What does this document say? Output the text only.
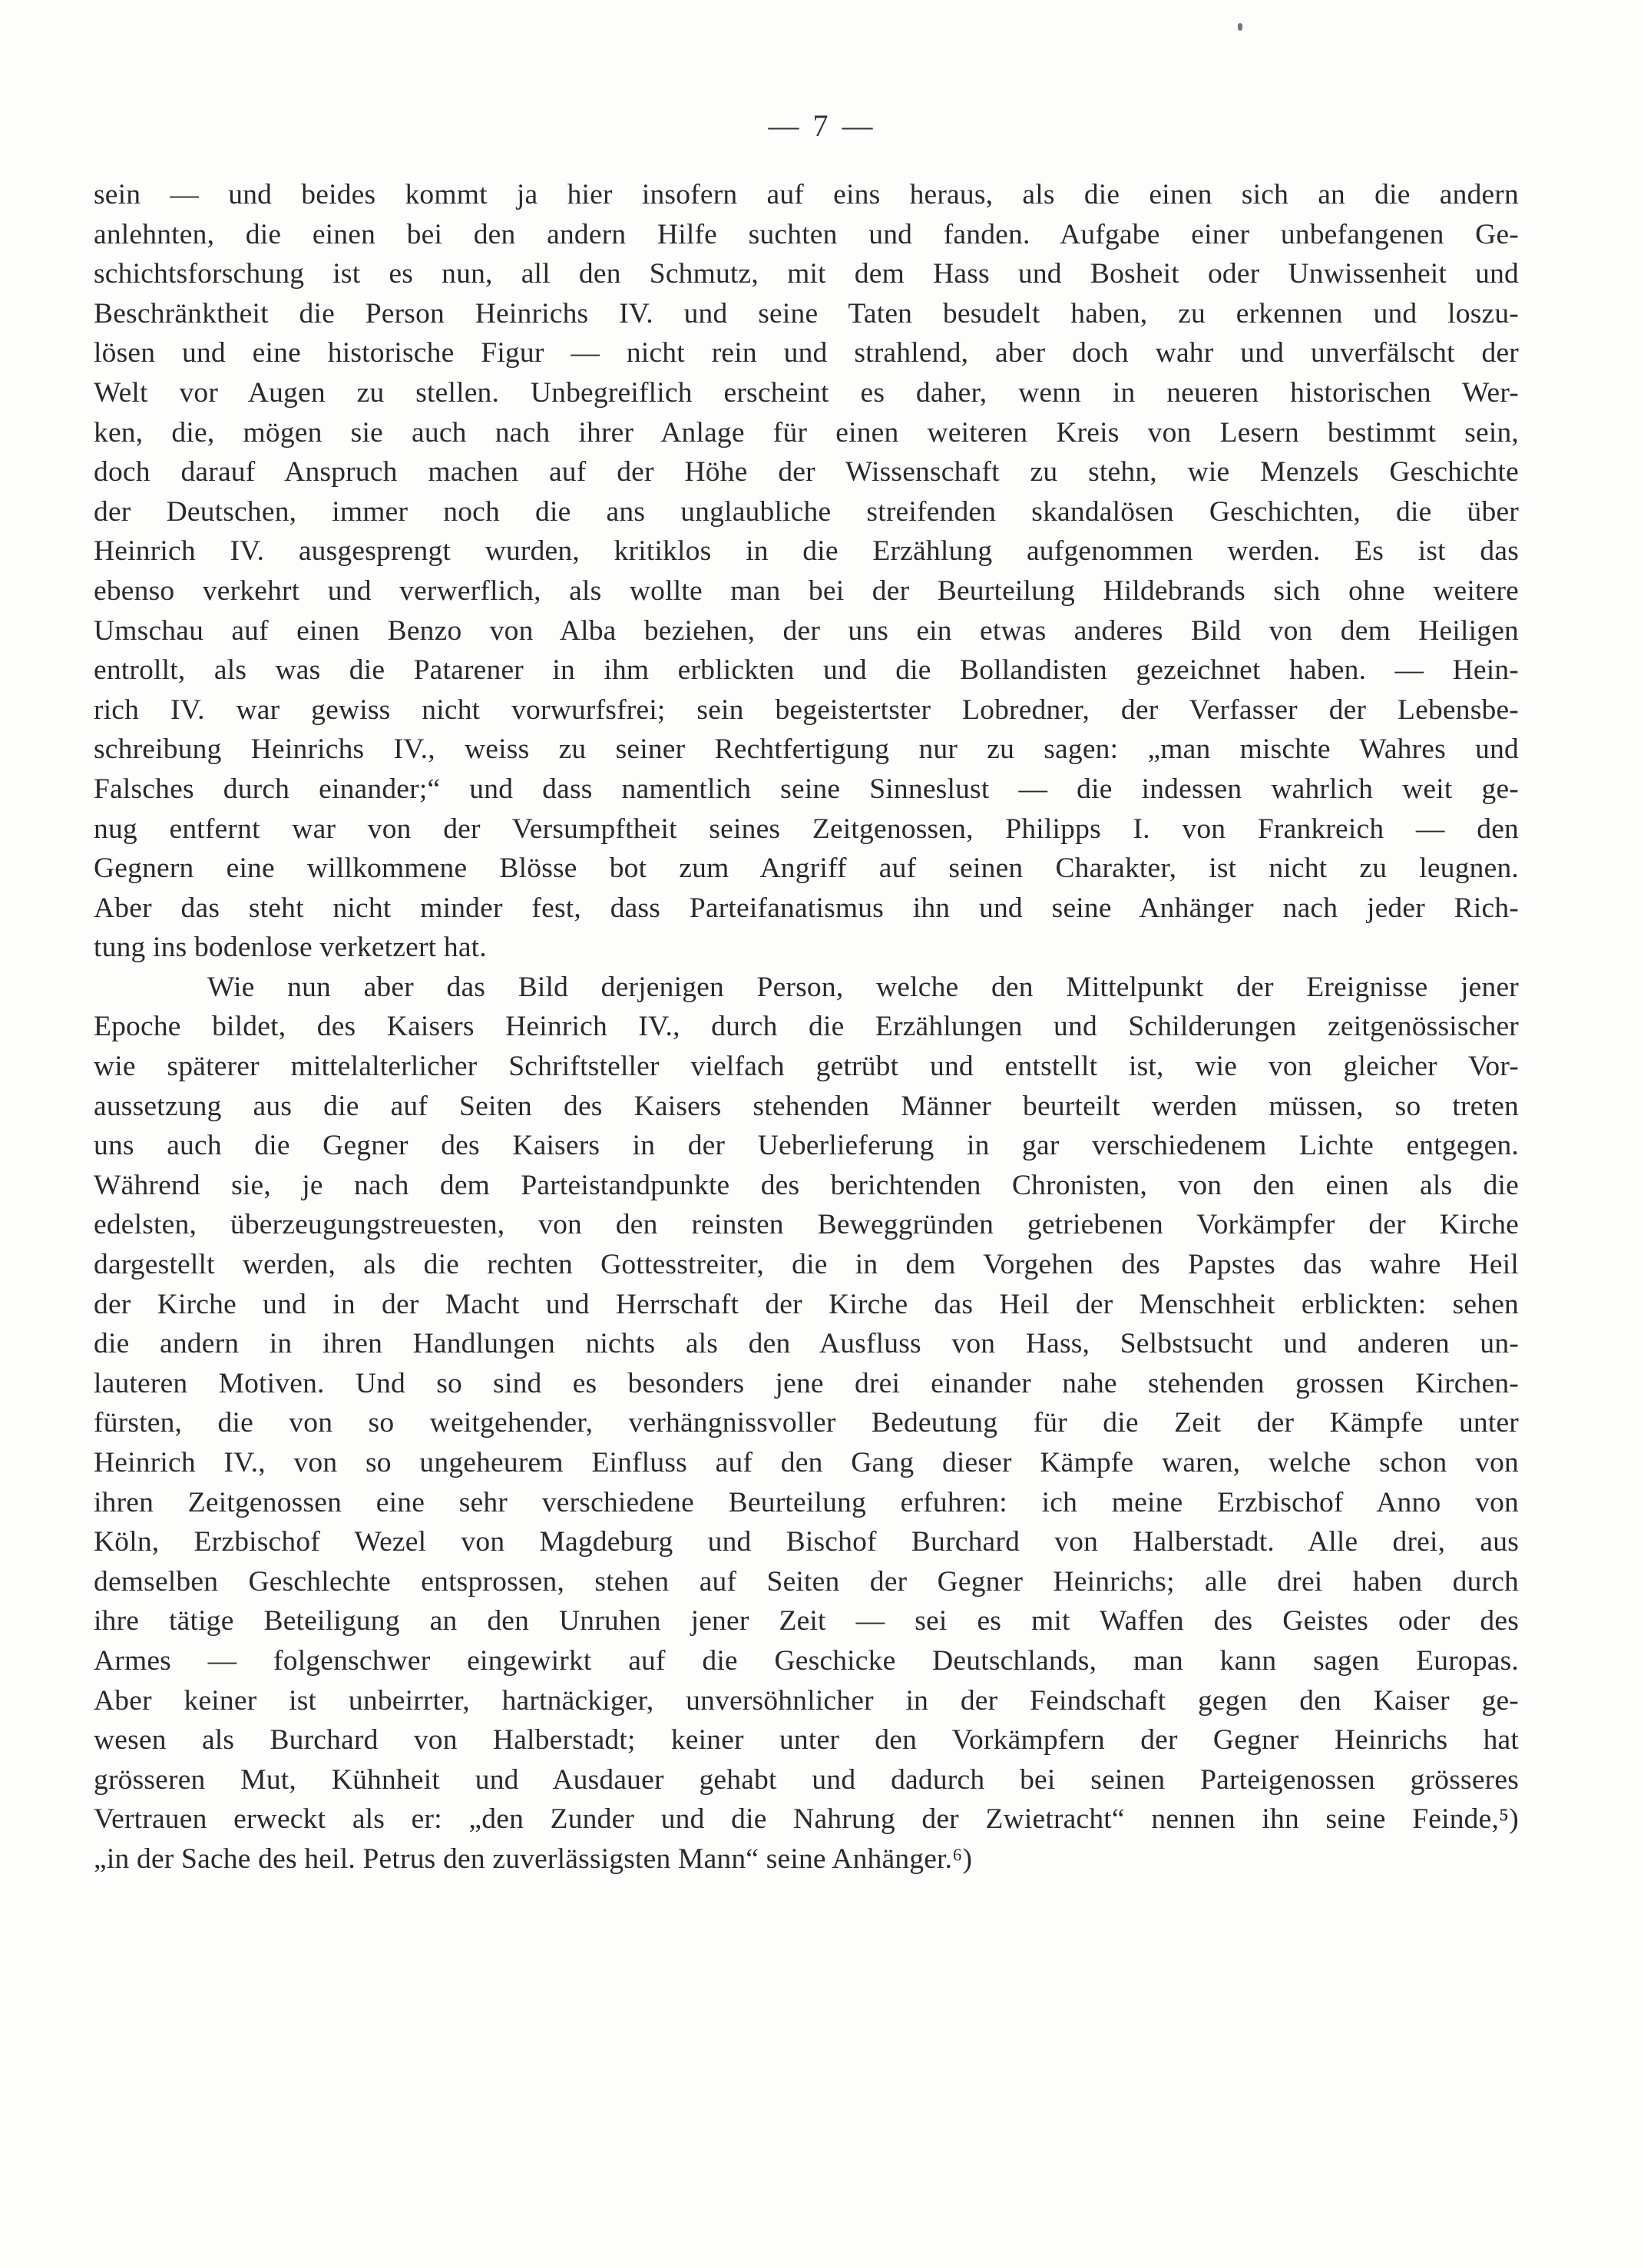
— 7 —

sein — und beides kommt ja hier insofern auf eins heraus, als die einen sich an die andern
anlehnten, die einen bei den andern Hilfe suchten und fanden. Aufgabe einer unbefangenen Ge-
schichtsforschung ist es nun, all den Schmutz, mit dem Hass und Bosheit oder Unwissenheit und
Beschränktheit die Person Heinrichs IV. und seine Taten besudelt haben, zu erkennen und loszu-
lösen und eine historische Figur — nicht rein und strahlend, aber doch wahr und unverfälscht der
Welt vor Augen zu stellen. Unbegreiflich erscheint es daher, wenn in neueren historischen Wer-
ken, die, mögen sie auch nach ihrer Anlage für einen weiteren Kreis von Lesern bestimmt sein,
doch darauf Anspruch machen auf der Höhe der Wissenschaft zu stehn, wie Menzels Geschichte
der Deutschen, immer noch die ans unglaubliche streifenden skandalösen Geschichten, die über
Heinrich IV. ausgesprengt wurden, kritiklos in die Erzählung aufgenommen werden. Es ist das
ebenso verkehrt und verwerflich, als wollte man bei der Beurteilung Hildebrands sich ohne weitere
Umschau auf einen Benzo von Alba beziehen, der uns ein etwas anderes Bild von dem Heiligen
entrollt, als was die Patarener in ihm erblickten und die Bollandisten gezeichnet haben. — Hein-
rich IV. war gewiss nicht vorwurfsfrei; sein begeistertster Lobredner, der Verfasser der Lebensbe-
schreibung Heinrichs IV., weiss zu seiner Rechtfertigung nur zu sagen: „man mischte Wahres und
Falsches durch einander;“ und dass namentlich seine Sinneslust — die indessen wahrlich weit ge-
nug entfernt war von der Versumpftheit seines Zeitgenossen, Philipps I. von Frankreich — den
Gegnern eine willkommene Blösse bot zum Angriff auf seinen Charakter, ist nicht zu leugnen.
Aber das steht nicht minder fest, dass Parteifanatismus ihn und seine Anhänger nach jeder Rich-
tung ins bodenlose verketzert hat.

Wie nun aber das Bild derjenigen Person, welche den Mittelpunkt der Ereignisse jener
Epoche bildet, des Kaisers Heinrich IV., durch die Erzählungen und Schilderungen zeitgenössischer
wie späterer mittelalterlicher Schriftsteller vielfach getrübt und entstellt ist, wie von gleicher Vor-
aussetzung aus die auf Seiten des Kaisers stehenden Männer beurteilt werden müssen, so treten
uns auch die Gegner des Kaisers in der Ueberlieferung in gar verschiedenem Lichte entgegen.
Während sie, je nach dem Parteistandpunkte des berichtenden Chronisten, von den einen als die
edelsten, überzeugungstreuesten, von den reinsten Beweggründen getriebenen Vorkämpfer der Kirche
dargestellt werden, als die rechten Gottesstreiter, die in dem Vorgehen des Papstes das wahre Heil
der Kirche und in der Macht und Herrschaft der Kirche das Heil der Menschheit erblickten: sehen
die andern in ihren Handlungen nichts als den Ausfluss von Hass, Selbstsucht und anderen un-
lauteren Motiven. Und so sind es besonders jene drei einander nahe stehenden grossen Kirchen-
fürsten, die von so weitgehender, verhängnissvoller Bedeutung für die Zeit der Kämpfe unter
Heinrich IV., von so ungeheurem Einfluss auf den Gang dieser Kämpfe waren, welche schon von
ihren Zeitgenossen eine sehr verschiedene Beurteilung erfuhren: ich meine Erzbischof Anno von
Köln, Erzbischof Wezel von Magdeburg und Bischof Burchard von Halberstadt. Alle drei, aus
demselben Geschlechte entsprossen, stehen auf Seiten der Gegner Heinrichs; alle drei haben durch
ihre tätige Beteiligung an den Unruhen jener Zeit — sei es mit Waffen des Geistes oder des
Armes — folgenschwer eingewirkt auf die Geschicke Deutschlands, man kann sagen Europas.
Aber keiner ist unbeirrter, hartnäckiger, unversöhnlicher in der Feindschaft gegen den Kaiser ge-
wesen als Burchard von Halberstadt; keiner unter den Vorkämpfern der Gegner Heinrichs hat
grösseren Mut, Kühnheit und Ausdauer gehabt und dadurch bei seinen Parteigenossen grösseres
Vertrauen erweckt als er: „den Zunder und die Nahrung der Zwietracht“ nennen ihn seine Feinde,⁵)
„in der Sache des heil. Petrus den zuverlässigsten Mann“ seine Anhänger.⁶)
